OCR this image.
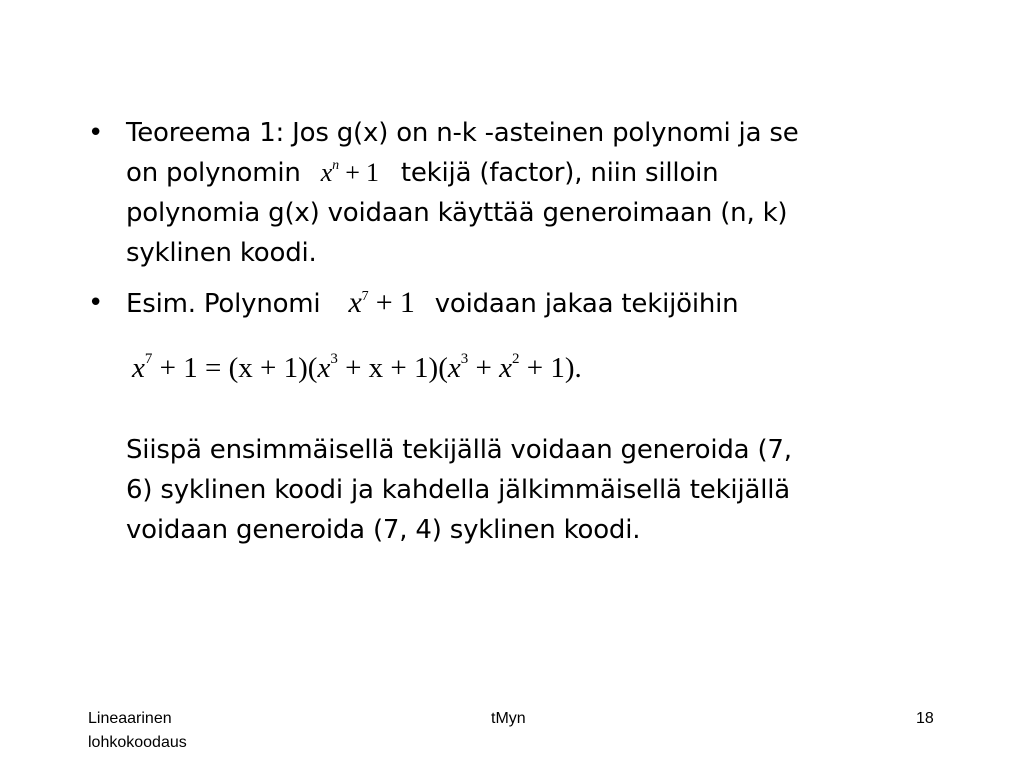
• Teoreema 1: Jos g(x) on n-k -asteinen polynomi ja se
on polynomin $x^n + 1$ tekijä (factor), niin silloin
polynomia g(x) voidaan käyttää generoimaan (n, k)
syklinen koodi.
• Esim. Polynomi $x^7 + 1$ voidaan jakaa tekijöihin
$x^7 + 1 = (x + 1)(x^3 + x + 1)(x^3 + x^2 + 1)$.
Siispä ensimmäisellä tekijällä voidaan generoida (7,
6) syklinen koodi ja kahdella jälkimmäisellä tekijällä
voidaan generoida (7, 4) syklinen koodi.
Lineaarinen
lohkokoodaus
tMyn	18
